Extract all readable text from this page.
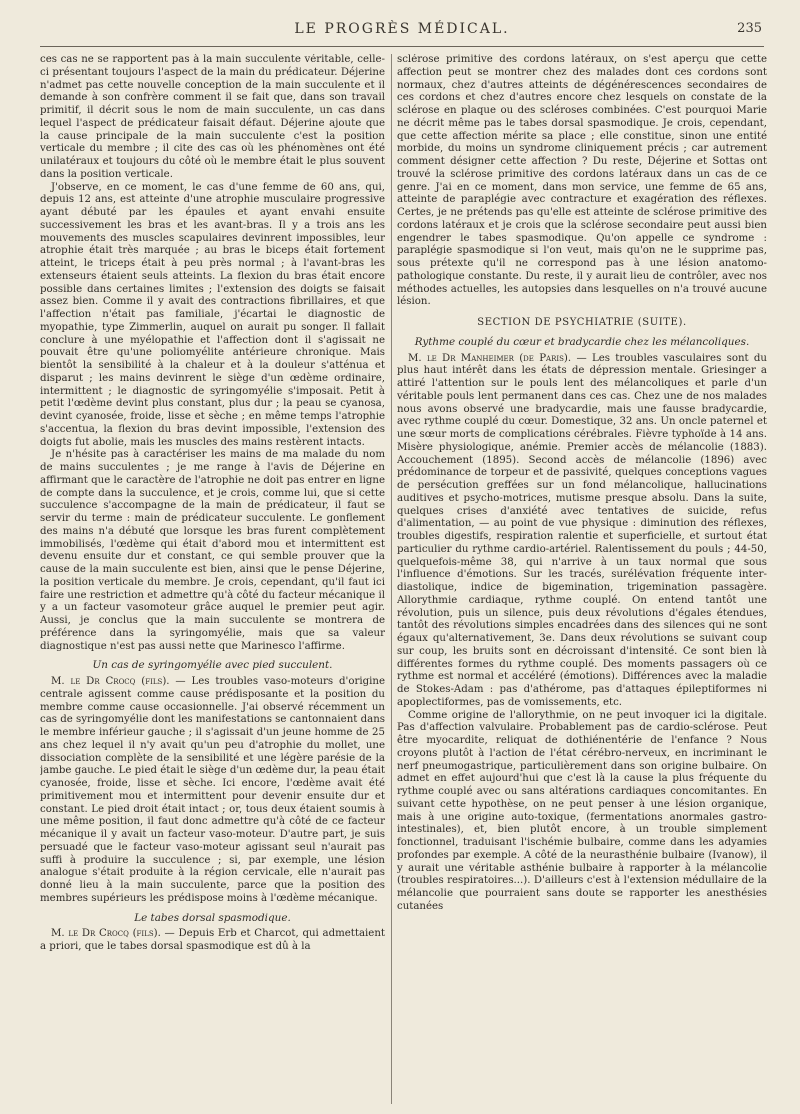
LE PROGRÈS MÉDICAL.	235

ces cas ne se rapportent pas à la main succulente véritable, celle-ci présentant toujours l'aspect de la main du prédicateur. Déjerine n'admet pas cette nouvelle conception de la main succulente et il demande à son confrère comment il se fait que, dans son travail primitif, il décrit sous le nom de main succulente, un cas dans lequel l'aspect de prédicateur faisait défaut. Déjerine ajoute que la cause principale de la main succulente c'est la position verticale du membre ; il cite des cas où les phénomènes ont été unilatéraux et toujours du côté où le membre était le plus souvent dans la position verticale.

J'observe, en ce moment, le cas d'une femme de 60 ans, qui, depuis 12 ans, est atteinte d'une atrophie musculaire progressive ayant débuté par les épaules et ayant envahi ensuite successivement les bras et les avant-bras. Il y a trois ans les mouvements des muscles scapulaires devinrent impossibles, leur atrophie était très marquée ; au bras le biceps était fortement atteint, le triceps était à peu près normal ; à l'avant-bras les extenseurs étaient seuls atteints. La flexion du bras était encore possible dans certaines limites ; l'extension des doigts se faisait assez bien. Comme il y avait des contractions fibrillaires, et que l'affection n'était pas familiale, j'écartai le diagnostic de myopathie, type Zimmerlin, auquel on aurait pu songer. Il fallait conclure à une myélopathie et l'affection dont il s'agissait ne pouvait être qu'une poliomyélite antérieure chronique. Mais bientôt la sensibilité à la chaleur et à la douleur s'atténua et disparut ; les mains devinrent le siège d'un œdème ordinaire, intermittent ; le diagnostic de syringomyélie s'imposait. Petit à petit l'œdème devint plus constant, plus dur ; la peau se cyanosa, devint cyanosée, froide, lisse et sèche ; en même temps l'atrophie s'accentua, la flexion du bras devint impossible, l'extension des doigts fut abolie, mais les muscles des mains restèrent intacts.

Je n'hésite pas à caractériser les mains de ma malade du nom de mains succulentes ; je me range à l'avis de Déjerine en affirmant que le caractère de l'atrophie ne doit pas entrer en ligne de compte dans la succulence, et je crois, comme lui, que si cette succulence s'accompagne de la main de prédicateur, il faut se servir du terme : main de prédicateur succulente. Le gonflement des mains n'a débuté que lorsque les bras furent complètement immobilisés, l'œdème qui était d'abord mou et intermittent est devenu ensuite dur et constant, ce qui semble prouver que la cause de la main succulente est bien, ainsi que le pense Déjerine, la position verticale du membre. Je crois, cependant, qu'il faut ici faire une restriction et admettre qu'à côté du facteur mécanique il y a un facteur vasomoteur grâce auquel le premier peut agir. Aussi, je conclus que la main succulente se montrera de préférence dans la syringomyélie, mais que sa valeur diagnostique n'est pas aussi nette que Marinesco l'affirme.

Un cas de syringomyélie avec pied succulent.

M. le Dr Crocq (fils). — Les troubles vaso-moteurs d'origine centrale agissent comme cause prédisposante et la position du membre comme cause occasionnelle. J'ai observé récemment un cas de syringomyélie dont les manifestations se cantonnaient dans le membre inférieur gauche ; il s'agissait d'un jeune homme de 25 ans chez lequel il n'y avait qu'un peu d'atrophie du mollet, une dissociation complète de la sensibilité et une légère parésie de la jambe gauche. Le pied était le siège d'un œdème dur, la peau était cyanosée, froide, lisse et sèche. Ici encore, l'œdème avait été primitivement mou et intermittent pour devenir ensuite dur et constant. Le pied droit était intact ; or, tous deux étaient soumis à une même position, il faut donc admettre qu'à côté de ce facteur mécanique il y avait un facteur vaso-moteur. D'autre part, je suis persuadé que le facteur vaso-moteur agissant seul n'aurait pas suffi à produire la succulence ; si, par exemple, une lésion analogue s'était produite à la région cervicale, elle n'aurait pas donné lieu à la main succulente, parce que la position des membres supérieurs les prédispose moins à l'œdème mécanique.

Le tabes dorsal spasmodique.

M. le Dr Crocq (fils). — Depuis Erb et Charcot, qui admettaient a priori, que le tabes dorsal spasmodique est dû à la

sclérose primitive des cordons latéraux, on s'est aperçu que cette affection peut se montrer chez des malades dont ces cordons sont normaux, chez d'autres atteints de dégénérescences secondaires de ces cordons et chez d'autres encore chez lesquels on constate de la sclérose en plaque ou des scléroses combinées. C'est pourquoi Marie ne décrit même pas le tabes dorsal spasmodique. Je crois, cependant, que cette affection mérite sa place ; elle constitue, sinon une entité morbide, du moins un syndrome cliniquement précis ; car autrement comment désigner cette affection ? Du reste, Déjerine et Sottas ont trouvé la sclérose primitive des cordons latéraux dans un cas de ce genre. J'ai en ce moment, dans mon service, une femme de 65 ans, atteinte de paraplégie avec contracture et exagération des réflexes. Certes, je ne prétends pas qu'elle est atteinte de sclérose primitive des cordons latéraux et je crois que la sclérose secondaire peut aussi bien engendrer le tabes spasmodique. Qu'on appelle ce syndrome : paraplégie spasmodique si l'on veut, mais qu'on ne le supprime pas, sous prétexte qu'il ne correspond pas à une lésion anatomo-pathologique constante. Du reste, il y aurait lieu de contrôler, avec nos méthodes actuelles, les autopsies dans lesquelles on n'a trouvé aucune lésion.

SECTION DE PSYCHIATRIE (SUITE).
Rythme couplé du cœur et bradycardie chez les mélancoliques.

M. le Dr Manheimer (de Paris). — Les troubles vasculaires sont du plus haut intérêt dans les états de dépression mentale. Griesinger a attiré l'attention sur le pouls lent des mélancoliques et parle d'un véritable pouls lent permanent dans ces cas. Chez une de nos malades nous avons observé une bradycardie, mais une fausse bradycardie, avec rythme couplé du cœur. Domestique, 32 ans. Un oncle paternel et une sœur morts de complications cérébrales. Fièvre typhoïde à 14 ans. Misère physiologique, anémie. Premier accès de mélancolie (1883). Accouchement (1895). Second accès de mélancolie (1896) avec prédominance de torpeur et de passivité, quelques conceptions vagues de persécution greffées sur un fond mélancolique, hallucinations auditives et psycho-motrices, mutisme presque absolu. Dans la suite, quelques crises d'anxiété avec tentatives de suicide, refus d'alimentation, — au point de vue physique : diminution des réflexes, troubles digestifs, respiration ralentie et superficielle, et surtout état particulier du rythme cardio-artériel. Ralentissement du pouls ; 44-50, quelquefois-même 38, qui n'arrive à un taux normal que sous l'influence d'émotions. Sur les tracés, surélévation fréquente inter-diastolique, indice de bigemination, trigemination passagère. Allorythmie cardiaque, rythme couplé. On entend tantôt une révolution, puis un silence, puis deux révolutions d'égales étendues, tantôt des révolutions simples encadrées dans des silences qui ne sont égaux qu'alternativement, 3e. Dans deux révolutions se suivant coup sur coup, les bruits sont en décroissant d'intensité. Ce sont bien là différentes formes du rythme couplé. Des moments passagers où ce rythme est normal et accéléré (émotions). Différences avec la maladie de Stokes-Adam : pas d'athérome, pas d'attaques épileptiformes ni apoplectiformes, pas de vomissements, etc.

Comme origine de l'allorythmie, on ne peut invoquer ici la digitale. Pas d'affection valvulaire. Probablement pas de cardio-sclérose. Peut être myocardite, reliquat de dothiénentérie de l'enfance ? Nous croyons plutôt à l'action de l'état cérébro-nerveux, en incriminant le nerf pneumogastrique, particulièrement dans son origine bulbaire. On admet en effet aujourd'hui que c'est là la cause la plus fréquente du rythme couplé avec ou sans altérations cardiaques concomitantes. En suivant cette hypothèse, on ne peut penser à une lésion organique, mais à une origine auto-toxique, (fermentations anormales gastro-intestinales), et, bien plutôt encore, à un trouble simplement fonctionnel, traduisant l'ischémie bulbaire, comme dans les adyamies profondes par exemple. A côté de la neurasthénie bulbaire (Ivanow), il y aurait une véritable asthénie bulbaire à rapporter à la mélancolie (troubles respiratoires...). D'ailleurs c'est à l'extension médullaire de la mélancolie que pourraient sans doute se rapporter les anesthésies cutanées
